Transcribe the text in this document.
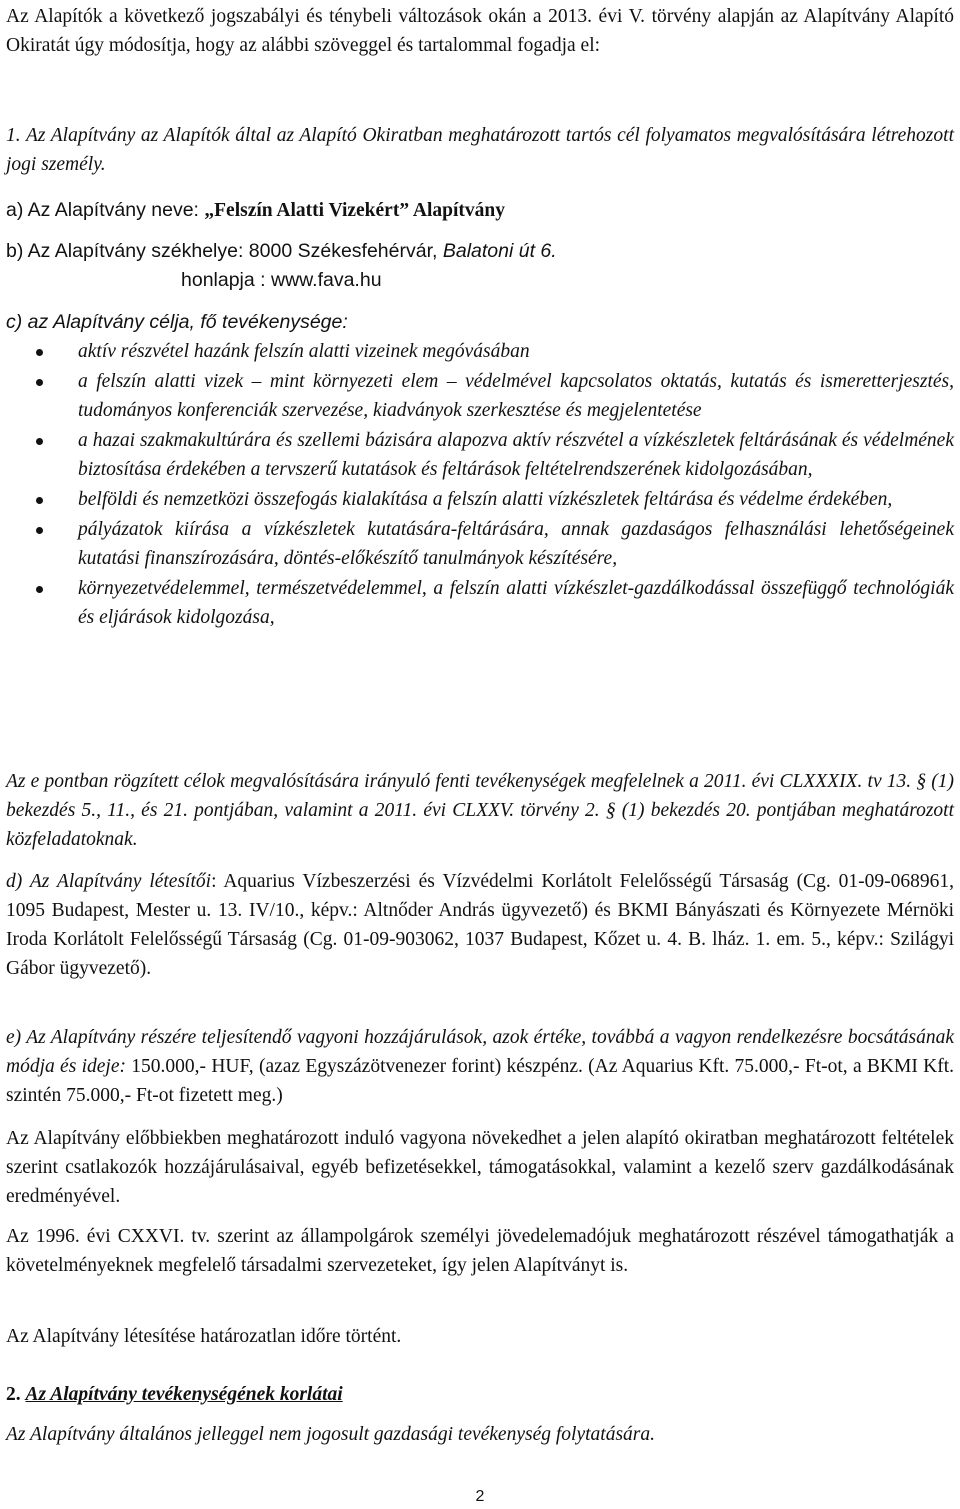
Az Alapítók a következő jogszabályi és ténybeli változások okán a 2013. évi V. törvény alapján az Alapítvány Alapító Okiratát úgy módosítja, hogy az alábbi szöveggel és tartalommal fogadja el:
1. Az Alapítvány az Alapítók által az Alapító Okiratban meghatározott tartós cél folyamatos megvalósítására létrehozott jogi személy.
a) Az Alapítvány neve: „Felszín Alatti Vizekért” Alapítvány
b) Az Alapítvány székhelye: 8000 Székesfehérvár, Balatoni út 6.
honlapja : www.fava.hu
c) az Alapítvány célja, fő tevékenysége:
aktív részvétel hazánk felszín alatti vizeinek megóvásában
a felszín alatti vizek – mint környezeti elem – védelmével kapcsolatos oktatás, kutatás és ismeretterjesztés, tudományos konferenciák szervezése, kiadványok szerkesztése és megjelentetése
a hazai szakmakultúrára és szellemi bázisára alapozva aktív részvétel a vízkészletek feltárásának és védelmének biztosítása érdekében a tervszerű kutatások és feltárások feltételrendszerének kidolgozásában,
belföldi és nemzetközi összefogás kialakítása a felszín alatti vízkészletek feltárása és védelme érdekében,
pályázatok kiírása a vízkészletek kutatására-feltárására, annak gazdaságos felhasználási lehetőségeinek kutatási finanszírozására, döntés-előkészítő tanulmányok készítésére,
környezetvédelemmel, természetvédelemmel, a felszín alatti vízkészlet-gazdálkodással összefüggő technológiák és eljárások kidolgozása,
Az e pontban rögzített célok megvalósítására irányuló fenti tevékenységek megfelelnek a 2011. évi CLXXXIX. tv 13. § (1) bekezdés 5., 11., és 21. pontjában, valamint a 2011. évi CLXXV. törvény 2. § (1) bekezdés 20. pontjában meghatározott közfeladatoknak.
d) Az Alapítvány létesítői: Aquarius Vízbeszerzési és Vízvédelmi Korlátolt Felelősségű Társaság (Cg. 01-09-068961, 1095 Budapest, Mester u. 13. IV/10., képv.: Altnőder András ügyvezető) és BKMI Bányászati és Környezete Mérnöki Iroda Korlátolt Felelősségű Társaság (Cg. 01-09-903062, 1037 Budapest, Kőzet u. 4. B. lház. 1. em. 5., képv.: Szilágyi Gábor ügyvezető).
e) Az Alapítvány részére teljesítendő vagyoni hozzájárulások, azok értéke, továbbá a vagyon rendelkezésre bocsátásának módja és ideje: 150.000,- HUF, (azaz Egyszázötvenezer forint) készpénz. (Az Aquarius Kft. 75.000,- Ft-ot, a BKMI Kft. szintén 75.000,- Ft-ot fizetett meg.)
Az Alapítvány előbbiekben meghatározott induló vagyona növekedhet a jelen alapító okiratban meghatározott feltételek szerint csatlakozók hozzájárulásaival, egyéb befizetésekkel, támogatásokkal, valamint a kezelő szerv gazdálkodásának eredményével.
Az 1996. évi CXXVI. tv. szerint az állampolgárok személyi jövedelemadójuk meghatározott részével támogathatják a követelményeknek megfelelő társadalmi szervezeteket, így jelen Alapítványt is.
Az Alapítvány létesítése határozatlan időre történt.
2. Az Alapítvány tevékenységének korlátai
Az Alapítvány általános jelleggel nem jogosult gazdasági tevékenység folytatására.
2
